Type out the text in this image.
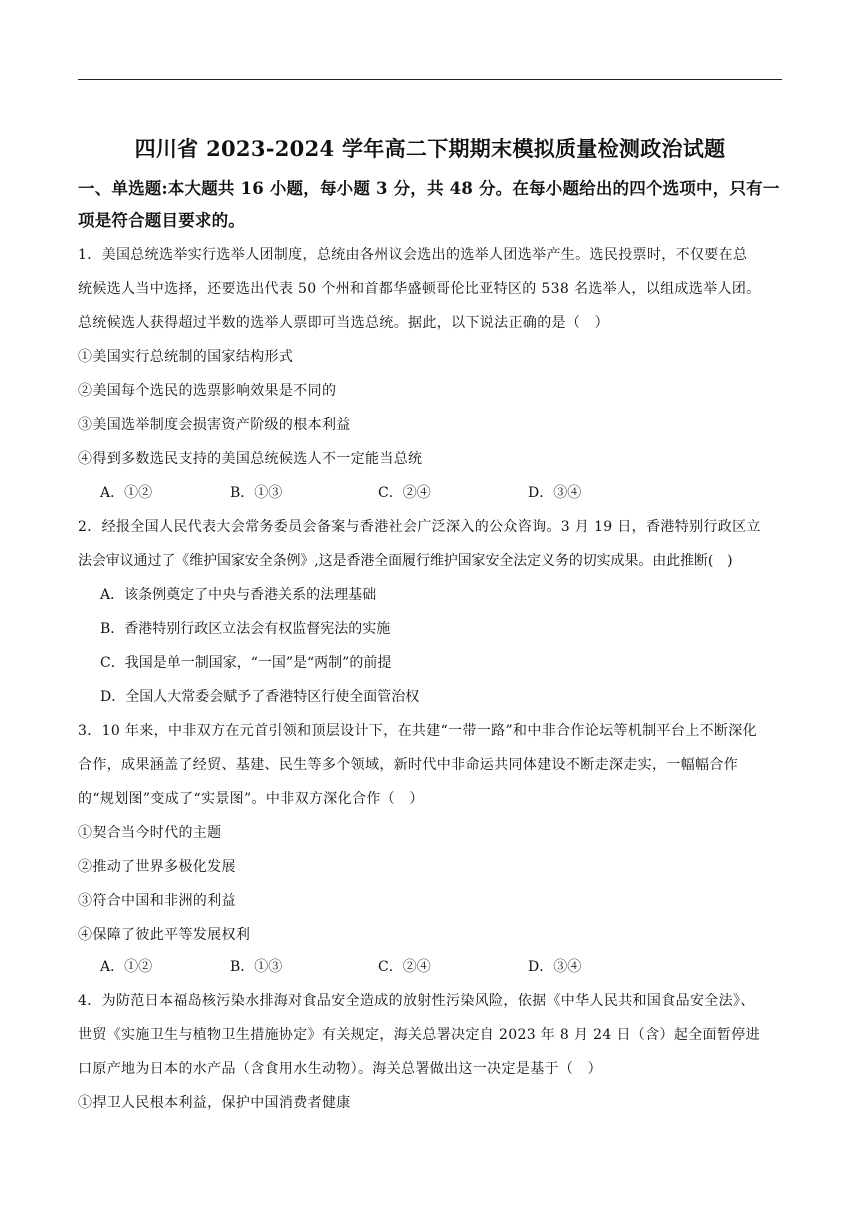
四川省 2023-2024 学年高二下期期末模拟质量检测政治试题
一、单选题:本大题共 16 小题，每小题 3 分，共 48 分。在每小题给出的四个选项中，只有一
项是符合题目要求的。
1．美国总统选举实行选举人团制度，总统由各州议会选出的选举人团选举产生。选民投票时，不仅要在总
统候选人当中选择，还要选出代表 50 个州和首都华盛顿哥伦比亚特区的 538 名选举人，以组成选举人团。
总统候选人获得超过半数的选举人票即可当选总统。据此，以下说法正确的是（　）
①美国实行总统制的国家结构形式
②美国每个选民的选票影响效果是不同的
③美国选举制度会损害资产阶级的根本利益
④得到多数选民支持的美国总统候选人不一定能当总统
A．①②	B．①③	C．②④	D．③④
2．经报全国人民代表大会常务委员会备案与香港社会广泛深入的公众咨询。3 月 19 日，香港特别行政区立
法会审议通过了《维护国家安全条例》,这是香港全面履行维护国家安全法定义务的切实成果。由此推断(　)
A．该条例奠定了中央与香港关系的法理基础
B．香港特别行政区立法会有权监督宪法的实施
C．我国是单一制国家，“一国”是“两制”的前提
D．全国人大常委会赋予了香港特区行使全面管治权
3．10 年来，中非双方在元首引领和顶层设计下，在共建“一带一路”和中非合作论坛等机制平台上不断深化
合作，成果涵盖了经贸、基建、民生等多个领域，新时代中非命运共同体建设不断走深走实，一幅幅合作
的“规划图”变成了“实景图”。中非双方深化合作（　）
①契合当今时代的主题
②推动了世界多极化发展
③符合中国和非洲的利益
④保障了彼此平等发展权利
A．①②	B．①③	C．②④	D．③④
4．为防范日本福岛核污染水排海对食品安全造成的放射性污染风险，依据《中华人民共和国食品安全法》、
世贸《实施卫生与植物卫生措施协定》有关规定，海关总署决定自 2023 年 8 月 24 日（含）起全面暂停进
口原产地为日本的水产品（含食用水生动物）。海关总署做出这一决定是基于（　）
①捍卫人民根本利益，保护中国消费者健康
